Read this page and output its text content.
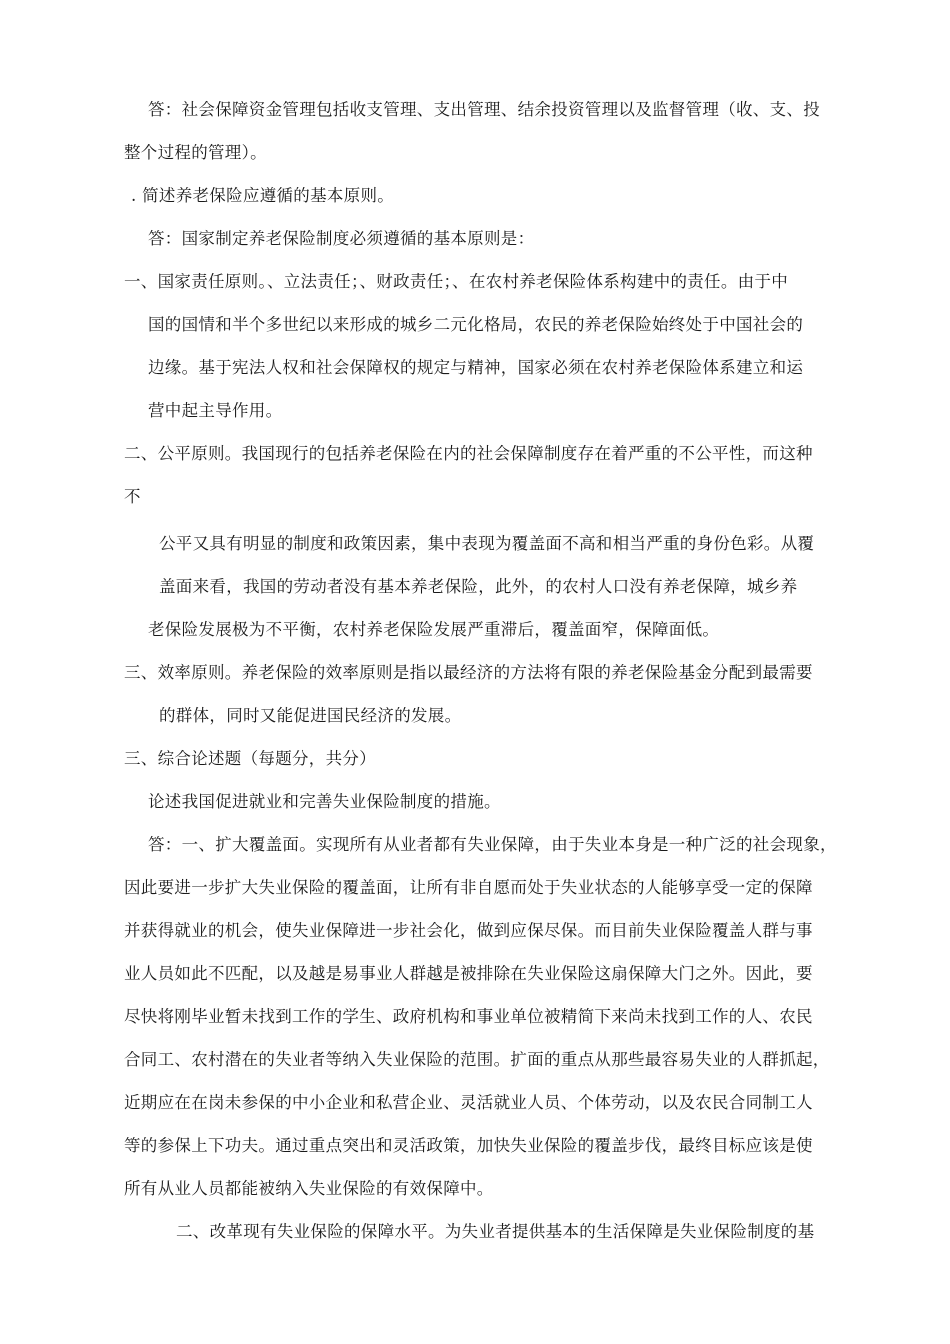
答：社会保障资金管理包括收支管理、支出管理、结余投资管理以及监督管理（收、支、投
整个过程的管理）。
. 简述养老保险应遵循的基本原则。
答：国家制定养老保险制度必须遵循的基本原则是：
一、国家责任原则。、立法责任；、财政责任；、在农村养老保险体系构建中的责任。由于中
国的国情和半个多世纪以来形成的城乡二元化格局，农民的养老保险始终处于中国社会的
边缘。基于宪法人权和社会保障权的规定与精神，国家必须在农村养老保险体系建立和运
营中起主导作用。
二、公平原则。我国现行的包括养老保险在内的社会保障制度存在着严重的不公平性，而这种
不
公平又具有明显的制度和政策因素，集中表现为覆盖面不高和相当严重的身份色彩。从覆
盖面来看，我国的劳动者没有基本养老保险，此外，的农村人口没有养老保障，城乡养
老保险发展极为不平衡，农村养老保险发展严重滞后，覆盖面窄，保障面低。
三、效率原则。养老保险的效率原则是指以最经济的方法将有限的养老保险基金分配到最需要
的群体，同时又能促进国民经济的发展。
三、综合论述题（每题分，共分）
论述我国促进就业和完善失业保险制度的措施。
答：一、扩大覆盖面。实现所有从业者都有失业保障，由于失业本身是一种广泛的社会现象，
因此要进一步扩大失业保险的覆盖面，让所有非自愿而处于失业状态的人能够享受一定的保障
并获得就业的机会，使失业保障进一步社会化，做到应保尽保。而目前失业保险覆盖人群与事
业人员如此不匹配，以及越是易事业人群越是被排除在失业保险这扇保障大门之外。因此，要
尽快将刚毕业暂未找到工作的学生、政府机构和事业单位被精简下来尚未找到工作的人、农民
合同工、农村潜在的失业者等纳入失业保险的范围。扩面的重点从那些最容易失业的人群抓起，
近期应在在岗未参保的中小企业和私营企业、灵活就业人员、个体劳动，以及农民合同制工人
等的参保上下功夫。通过重点突出和灵活政策，加快失业保险的覆盖步伐，最终目标应该是使
所有从业人员都能被纳入失业保险的有效保障中。
二、改革现有失业保险的保障水平。为失业者提供基本的生活保障是失业保险制度的基
